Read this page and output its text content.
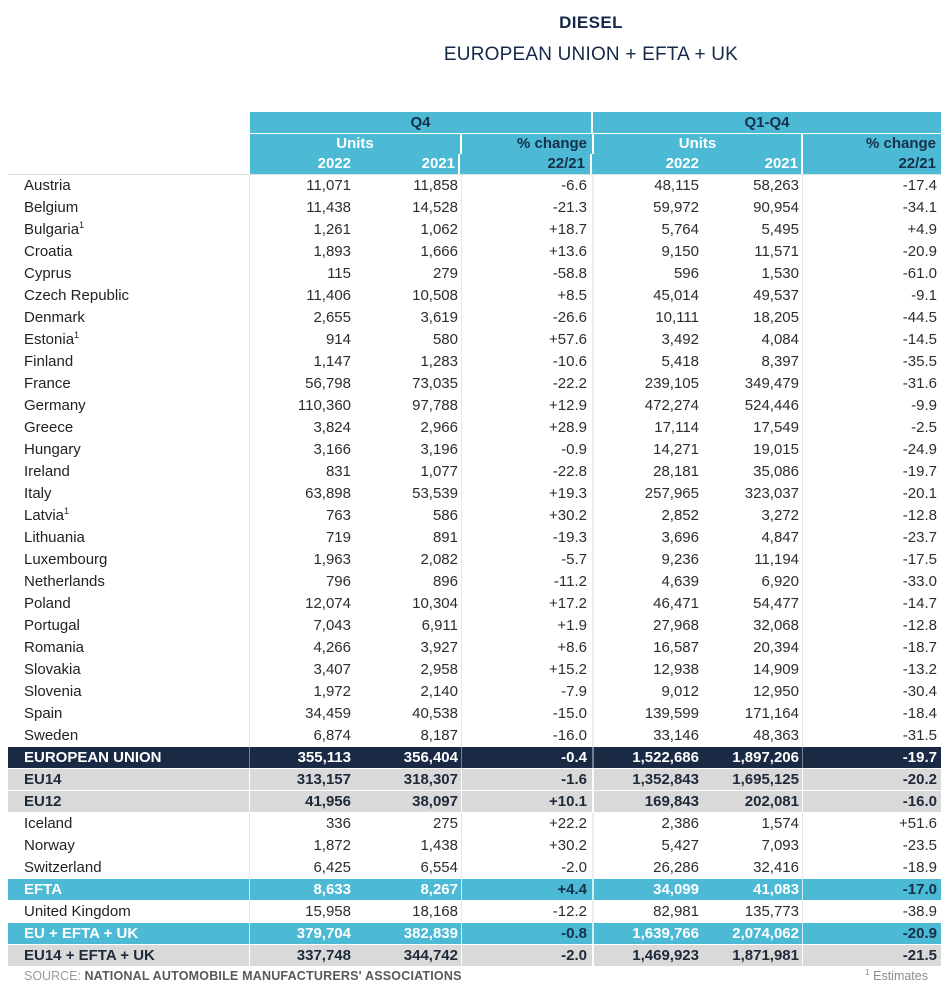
DIESEL
EUROPEAN UNION + EFTA + UK
Q4	Q1-Q4
Units	% change	Units	% change
2022	2021	22/21	2022	2021	22/21
Austria	11,071	11,858	-6.6	48,115	58,263	-17.4
Belgium	11,438	14,528	-21.3	59,972	90,954	-34.1
Bulgaria$^1$	1,261	1,062	+18.7	5,764	5,495	+4.9
Croatia	1,893	1,666	+13.6	9,150	11,571	-20.9
Cyprus	115	279	-58.8	596	1,530	-61.0
Czech Republic	11,406	10,508	+8.5	45,014	49,537	-9.1
Denmark	2,655	3,619	-26.6	10,111	18,205	-44.5
Estonia$^1$	914	580	+57.6	3,492	4,084	-14.5
Finland	1,147	1,283	-10.6	5,418	8,397	-35.5
France	56,798	73,035	-22.2	239,105	349,479	-31.6
Germany	110,360	97,788	+12.9	472,274	524,446	-9.9
Greece	3,824	2,966	+28.9	17,114	17,549	-2.5
Hungary	3,166	3,196	-0.9	14,271	19,015	-24.9
Ireland	831	1,077	-22.8	28,181	35,086	-19.7
Italy	63,898	53,539	+19.3	257,965	323,037	-20.1
Latvia$^1$	763	586	+30.2	2,852	3,272	-12.8
Lithuania	719	891	-19.3	3,696	4,847	-23.7
Luxembourg	1,963	2,082	-5.7	9,236	11,194	-17.5
Netherlands	796	896	-11.2	4,639	6,920	-33.0
Poland	12,074	10,304	+17.2	46,471	54,477	-14.7
Portugal	7,043	6,911	+1.9	27,968	32,068	-12.8
Romania	4,266	3,927	+8.6	16,587	20,394	-18.7
Slovakia	3,407	2,958	+15.2	12,938	14,909	-13.2
Slovenia	1,972	2,140	-7.9	9,012	12,950	-30.4
Spain	34,459	40,538	-15.0	139,599	171,164	-18.4
Sweden	6,874	8,187	-16.0	33,146	48,363	-31.5
EUROPEAN UNION	355,113	356,404	-0.4	1,522,686	1,897,206	-19.7
EU14	313,157	318,307	-1.6	1,352,843	1,695,125	-20.2
EU12	41,956	38,097	+10.1	169,843	202,081	-16.0
Iceland	336	275	+22.2	2,386	1,574	+51.6
Norway	1,872	1,438	+30.2	5,427	7,093	-23.5
Switzerland	6,425	6,554	-2.0	26,286	32,416	-18.9
EFTA	8,633	8,267	+4.4	34,099	41,083	-17.0
United Kingdom	15,958	18,168	-12.2	82,981	135,773	-38.9
EU + EFTA + UK	379,704	382,839	-0.8	1,639,766	2,074,062	-20.9
EU14 + EFTA + UK	337,748	344,742	-2.0	1,469,923	1,871,981	-21.5
SOURCE: NATIONAL AUTOMOBILE MANUFACTURERS' ASSOCIATIONS	$^1$ Estimates
